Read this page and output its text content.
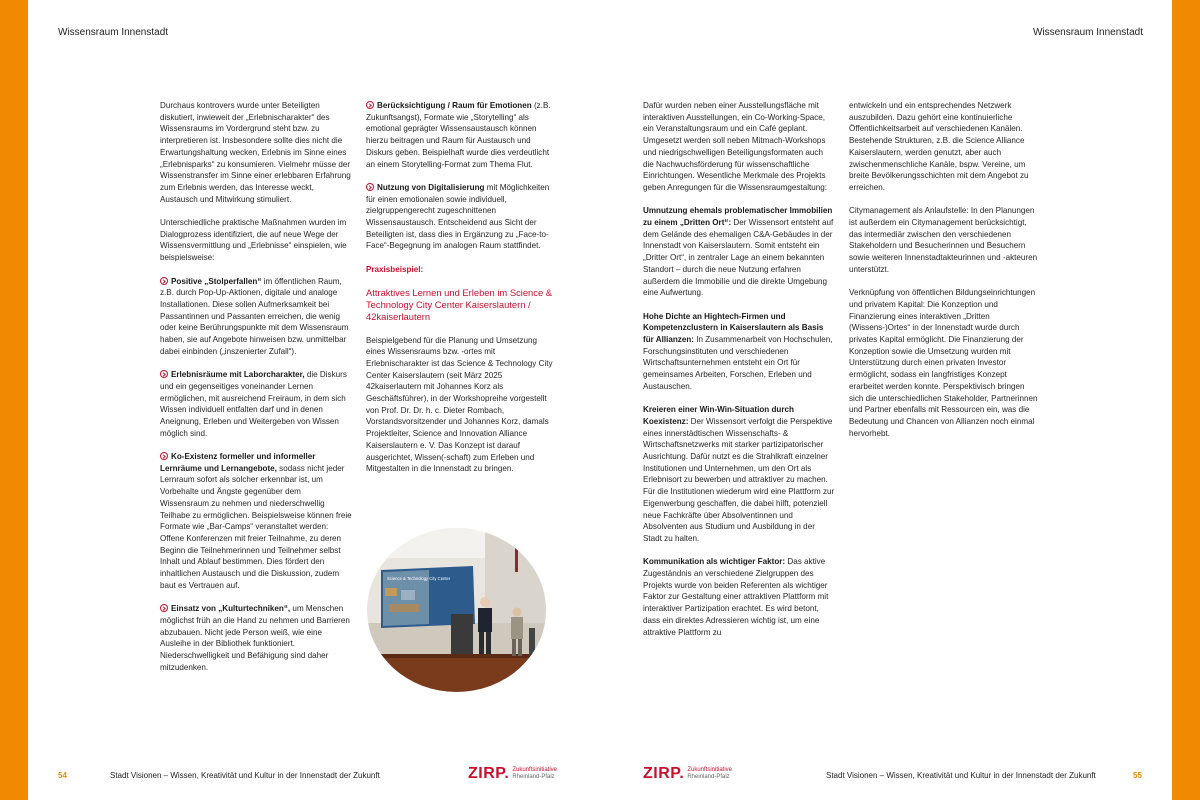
Wissensraum Innenstadt	Wissensraum Innenstadt

Durchaus kontrovers wurde unter Beteiligten diskutiert, inwieweit der „Erlebnischarakter“ des Wissensraums im Vordergrund steht bzw. zu interpretieren ist. Insbesondere sollte dies nicht die Erwartungshaltung wecken, Erlebnis im Sinne eines „Erlebnisparks“ zu konsumieren. Vielmehr müsse der Wissenstransfer im Sinne einer erlebbaren Erfahrung zum Erlebnis werden, das Interesse weckt, Austausch und Mitwirkung stimuliert.

Unterschiedliche praktische Maßnahmen wurden im Dialogprozess identifiziert, die auf neue Wege der Wissensvermittlung und „Erlebnisse“ einspielen, wie beispielsweise:

Positive „Stolperfallen“ im öffentlichen Raum, z.B. durch Pop-Up-Aktionen, digitale und analoge Installationen. Diese sollen Aufmerksamkeit bei Passantinnen und Passanten erreichen, die wenig oder keine Berührungspunkte mit dem Wissensraum haben, sie auf Angebote hinweisen bzw. unmittelbar dabei einbinden („inszenierter Zufall“).

Erlebnisräume mit Laborcharakter, die Diskurs und ein gegenseitiges voneinander Lernen ermöglichen, mit ausreichend Freiraum, in dem sich Wissen individuell entfalten darf und in denen Aneignung, Erleben und Weitergeben von Wissen möglich sind.

Ko-Existenz formeller und informeller Lernräume und Lernangebote, sodass nicht jeder Lernraum sofort als solcher erkennbar ist, um Vorbehalte und Ängste gegenüber dem Wissensraum zu nehmen und niederschwellig Teilhabe zu ermöglichen. Beispielsweise können freie Formate wie „Bar-Camps“ veranstaltet werden: Offene Konferenzen mit freier Teilnahme, zu deren Beginn die Teilnehmerinnen und Teilnehmer selbst Inhalt und Ablauf bestimmen. Dies fördert den inhaltlichen Austausch und die Diskussion, zudem baut es Vertrauen auf.

Einsatz von „Kulturtechniken“, um Menschen möglichst früh an die Hand zu nehmen und Barrieren abzubauen. Nicht jede Person weiß, wie eine Ausleihe in der Bibliothek funktioniert. Niederschwelligkeit und Befähigung sind daher mitzudenken.

Berücksichtigung / Raum für Emotionen (z.B. Zukunftsangst), Formate wie „Storytelling“ als emotional geprägter Wissensaustausch können hierzu beitragen und Raum für Austausch und Diskurs geben. Beispielhaft wurde dies verdeutlicht an einem Storytelling-Format zum Thema Flut.

Nutzung von Digitalisierung mit Möglichkeiten für einen emotionalen sowie individuell, zielgruppengerecht zugeschnittenen Wissensaustausch. Entscheidend aus Sicht der Beteiligten ist, dass dies in Ergänzung zu „Face-to-Face“-Begegnung im analogen Raum stattfindet.

Praxisbeispiel:
Attraktives Lernen und Erleben im Science & Technology City Center Kaiserslautern / 42kaiserlautern

Beispielgebend für die Planung und Umsetzung eines Wissensraums bzw. -ortes mit Erlebnischarakter ist das Science & Technology City Center Kaiserslautern (seit März 2025 42kaiserlautern mit Johannes Korz als Geschäftsführer), in der Workshopreihe vorgestellt von Prof. Dr. Dr. h. c. Dieter Rombach, Vorstandsvorsitzender und Johannes Korz, damals Projektleiter, Science and Innovation Alliance Kaiserslautern e. V. Das Konzept ist darauf ausgerichtet, Wissen(-schaft) zum Erleben und Mitgestalten in die Innenstadt zu bringen.

Science & Technology City Center

Dafür wurden neben einer Ausstellungsfläche mit interaktiven Ausstellungen, ein Co-Working-Space, ein Veranstaltungsraum und ein Café geplant. Umgesetzt werden soll neben Mitmach-Workshops und niedrigschwelligen Beteiligungsformaten auch die Nachwuchsförderung für wissenschaftliche Einrichtungen. Wesentliche Merkmale des Projekts geben Anregungen für die Wissensraumgestaltung:

Umnutzung ehemals problematischer Immobilien zu einem „Dritten Ort“: Der Wissensort entsteht auf dem Gelände des ehemaligen C&A-Gebäudes in der Innenstadt von Kaiserslautern. Somit entsteht ein „Dritter Ort“, in zentraler Lage an einem bekannten Standort – durch die neue Nutzung erfahren außerdem die Immobilie und die direkte Umgebung eine Aufwertung.

Hohe Dichte an Hightech-Firmen und Kompetenzclustern in Kaiserslautern als Basis für Allianzen: In Zusammenarbeit von Hochschulen, Forschungsinstituten und verschiedenen Wirtschaftsunternehmen entsteht ein Ort für gemeinsames Arbeiten, Forschen, Erleben und Austauschen.

Kreieren einer Win-Win-Situation durch Koexistenz: Der Wissensort verfolgt die Perspektive eines innerstädtischen Wissenschafts- & Wirtschaftsnetzwerks mit starker partizipatorischer Ausrichtung. Dafür nutzt es die Strahlkraft einzelner Institutionen und Unternehmen, um den Ort als Erlebnisort zu bewerben und attraktiver zu machen. Für die Institutionen wiederum wird eine Plattform zur Eigenwerbung geschaffen, die dabei hilft, potenziell neue Fachkräfte über Absolventinnen und Absolventen aus Studium und Ausbildung in der Stadt zu halten.

Kommunikation als wichtiger Faktor: Das aktive Zugeständnis an verschiedene Zielgruppen des Projekts wurde von beiden Referenten als wichtiger Faktor zur Gestaltung einer attraktiven Plattform mit interaktiver Partizipation erachtet. Es wird betont, dass ein direktes Adressieren wichtig ist, um eine attraktive Plattform zu

entwickeln und ein entsprechendes Netzwerk auszubilden. Dazu gehört eine kontinuierliche Öffentlichkeitsarbeit auf verschiedenen Kanälen. Bestehende Strukturen, z.B. die Science Alliance Kaiserslautern, werden genutzt, aber auch zwischenmenschliche Kanäle, bspw. Vereine, um breite Bevölkerungsschichten mit dem Angebot zu erreichen.

Citymanagement als Anlaufstelle: In den Planungen ist außerdem ein Citymanagement berücksichtigt, das intermediär zwischen den verschiedenen Stakeholdern und Besucherinnen und Besuchern sowie weiteren Innenstadtakteurinnen und -akteuren unterstützt.

Verknüpfung von öffentlichen Bildungseinrichtungen und privatem Kapital: Die Konzeption und Finanzierung eines interaktiven „Dritten (Wissens-)Ortes“ in der Innenstadt wurde durch privates Kapital ermöglicht. Die Finanzierung der Konzeption sowie die Umsetzung wurden mit Unterstützung durch einen privaten Investor ermöglicht, sodass ein langfristiges Konzept erarbeitet werden konnte. Perspektivisch bringen sich die unterschiedlichen Stakeholder, Partnerinnen und Partner ebenfalls mit Ressourcen ein, was die Bedeutung und Chancen von Allianzen noch einmal hervorhebt.

54	Stadt Visionen – Wissen, Kreativität und Kultur in der Innenstadt der Zukunft	ZIRP. Zukunftsinitiative
Rheinland-Pfalz	ZIRP. Zukunftsinitiative
Rheinland-Pfalz	Stadt Visionen – Wissen, Kreativität und Kultur in der Innenstadt der Zukunft	55
